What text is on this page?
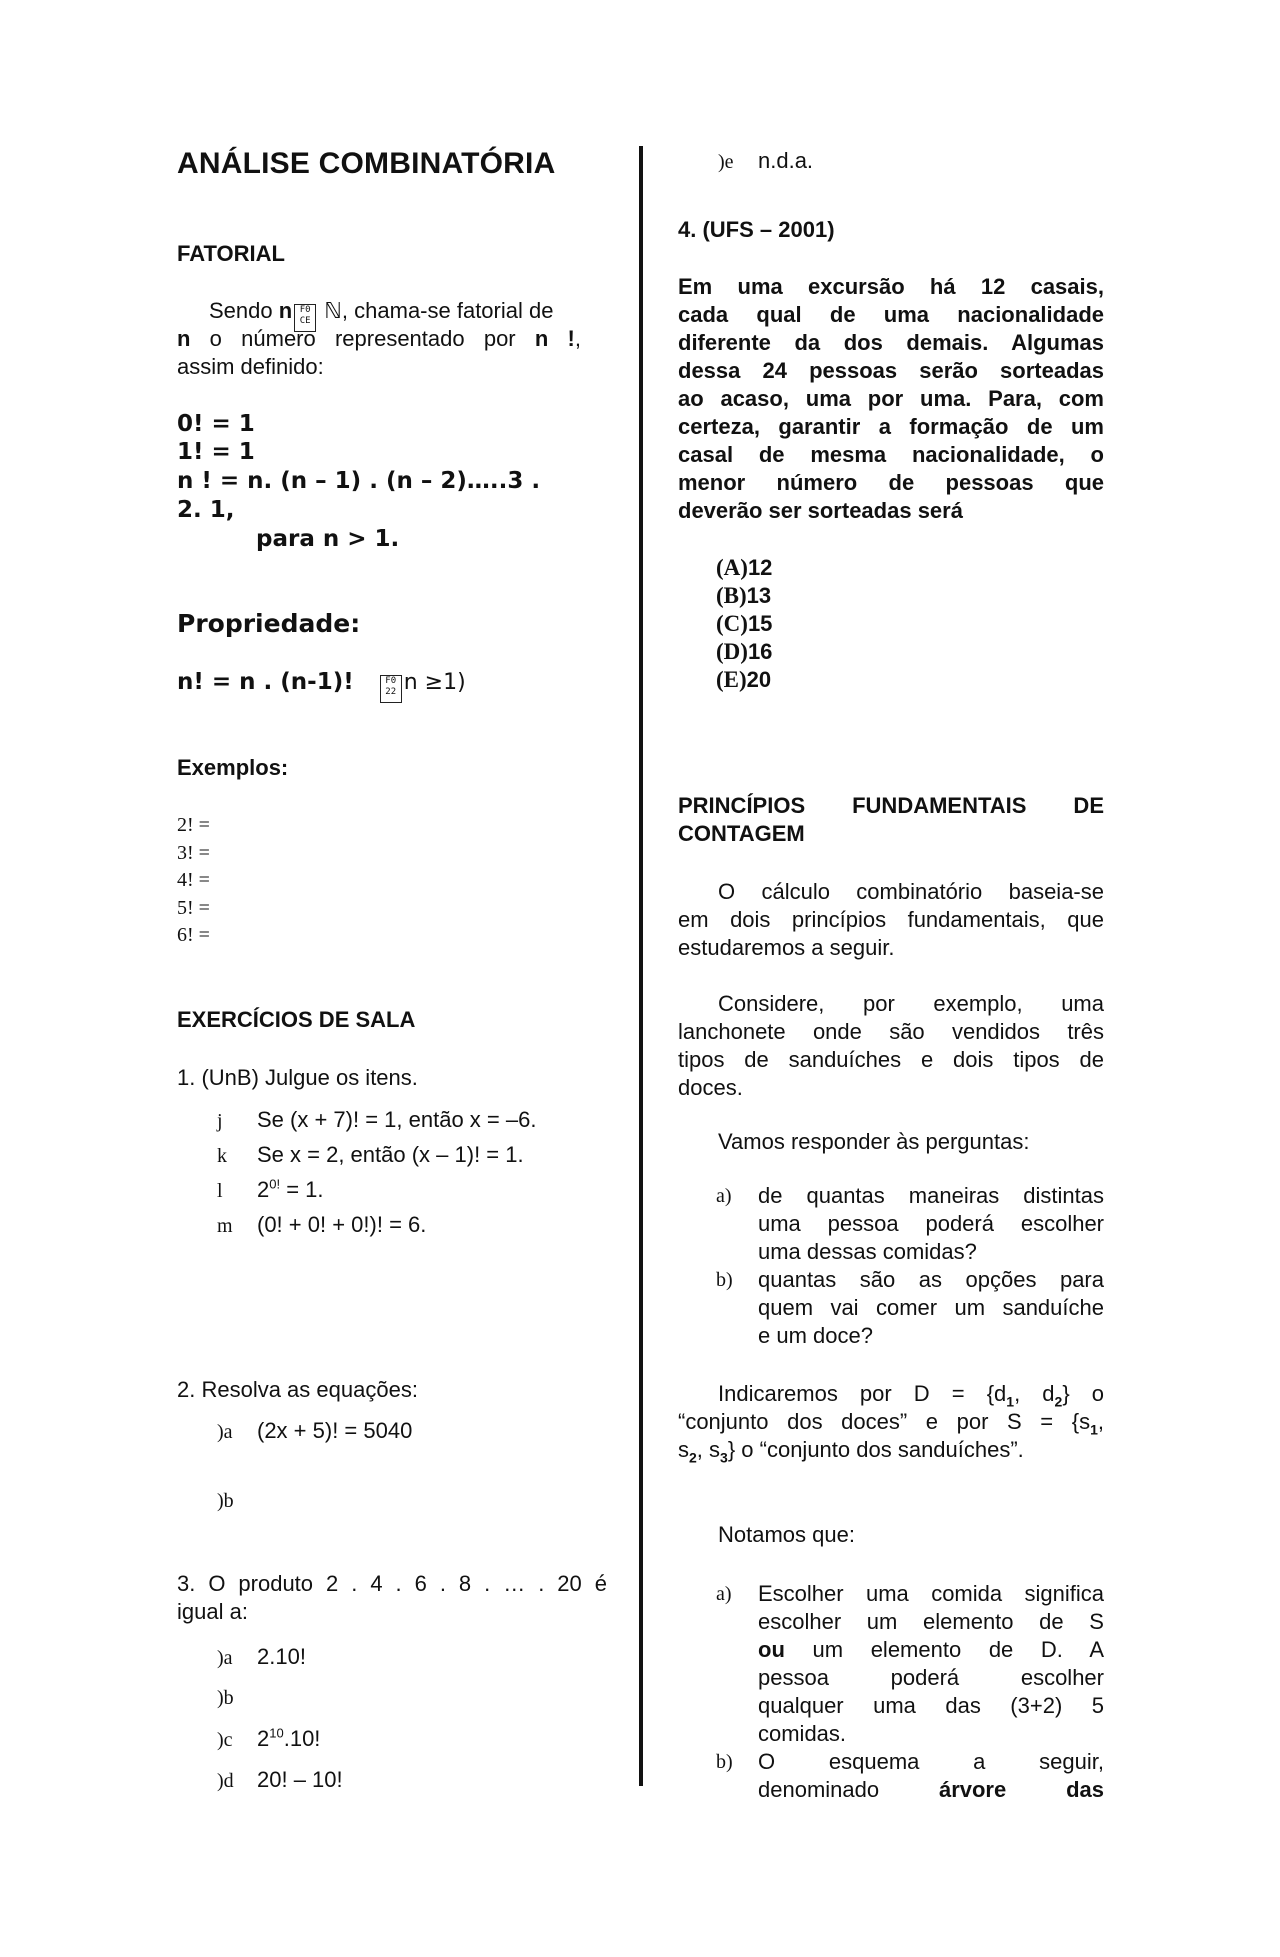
ANÁLISE COMBINATÓRIA
FATORIAL
Sendo n F0
CE ℕ, chama-se fatorial de
n o número representado por n !,
assim definido:
0! = 1
1! = 1
n ! = n. (n – 1) . (n – 2)…..3 .
2. 1,
para n > 1.
Propriedade:
n! = n . (n-1)!	F0
22 n ≥1)
Exemplos:
2! =
3! =
4! =
5! =
6! =
EXERCÍCIOS DE SALA
1. (UnB) Julgue os itens.
j	Se (x + 7)! = 1, então x = –6.
k	Se x = 2, então (x – 1)! = 1.
l	$2^{0!} = 1$.
m	(0! + 0! + 0!)! = 6.
2. Resolva as equações:
)a	(2x + 5)! = 5040
)b
3. O produto 2 . 4 . 6 . 8 . … . 20 é
igual a:
)a	2.10!
)b
)c	$2^{10}.10$!
)d	20! – 10!
)e	n.d.a.
4. (UFS – 2001)
Em uma excursão há 12 casais,
cada qual de uma nacionalidade
diferente da dos demais. Algumas
dessa 24 pessoas serão sorteadas
ao acaso, uma por uma. Para, com
certeza, garantir a formação de um
casal de mesma nacionalidade, o
menor número de pessoas que
deverão ser sorteadas será
(A)12
(B)13
(C)15
(D)16
(E)20
PRINCÍPIOS FUNDAMENTAIS DE
CONTAGEM
O cálculo combinatório baseia-se
em dois princípios fundamentais, que
estudaremos a seguir.
Considere, por exemplo, uma
lanchonete onde são vendidos três
tipos de sanduíches e dois tipos de
doces.
Vamos responder às perguntas:
a) de quantas maneiras distintas
uma pessoa poderá escolher
uma dessas comidas?
b) quantas são as opções para
quem vai comer um sanduíche
e um doce?
Indicaremos por $D = \{d_1$, $d_2$} o
“conjunto dos doces” e por $S = \{s_1$,
$s_2$, $s_3$} o “conjunto dos sanduíches”.
Notamos que:
a) Escolher uma comida significa
escolher um elemento de S
ou um elemento de D. A
pessoa poderá escolher
qualquer uma das (3+2) 5
comidas.
b) O esquema a seguir,
denominado árvore das
